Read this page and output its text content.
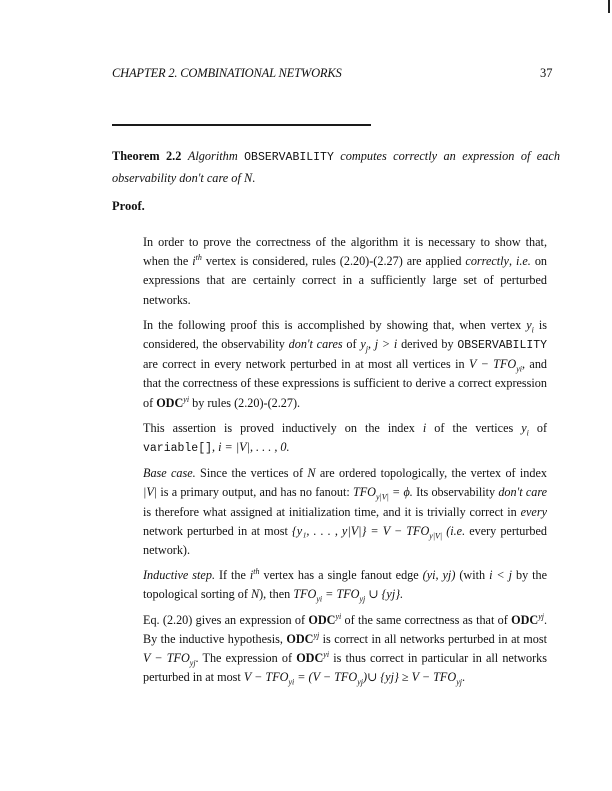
CHAPTER 2. COMBINATIONAL NETWORKS	37
Theorem 2.2 Algorithm OBSERVABILITY computes correctly an expression of each observability don't care of N.
Proof.

In order to prove the correctness of the algorithm it is necessary to show that, when the $i^{th}$ vertex is considered, rules (2.20)-(2.27) are applied correctly, i.e. on expressions that are certainly correct in a sufficiently large set of perturbed networks.

In the following proof this is accomplished by showing that, when vertex $y_i$ is considered, the observability don't cares of $y_j$, j > i derived by OBSERVABILITY are correct in every network perturbed in at most all vertices in $V - TFO_{yi}$, and that the correctness of these expressions is sufficient to derive a correct expression of $ODC^{yi}$ by rules (2.20)-(2.27).

This assertion is proved inductively on the index i of the vertices $y_i$ of variable[], i = |V|, . . . , 0.

Base case. Since the vertices of N are ordered topologically, the vertex of index |V| is a primary output, and has no fanout: $TFO_{y|V|} = \phi$. Its observability don't care is therefore what assigned at initialization time, and it is trivially correct in every network perturbed in at most {y₁, . . . , $y|V|\} = V - TFO_{y|V|}$ (i.e. every perturbed network).

Inductive step. If the $i^{th}$ vertex has a single fanout edge (yi, yj) (with i < j by the topological sorting of N), then $TFO_{yi} = TFO_{yj}$ ∪ {yj}.

Eq. (2.20) gives an expression of $ODC^{yi}$ of the same correctness as that of $ODC^{yj}$. By the inductive hypothesis, $ODC^{yj}$ is correct in all networks perturbed in at most $V - TFO_{yj}$. The expression of $ODC^{yi}$ is thus correct in particular in all networks perturbed in at most $V - TFO_{yi} = (V$ − $TFO_{yj})\cup$ $\{yj\} \ge V - TFO_{yj}$.
